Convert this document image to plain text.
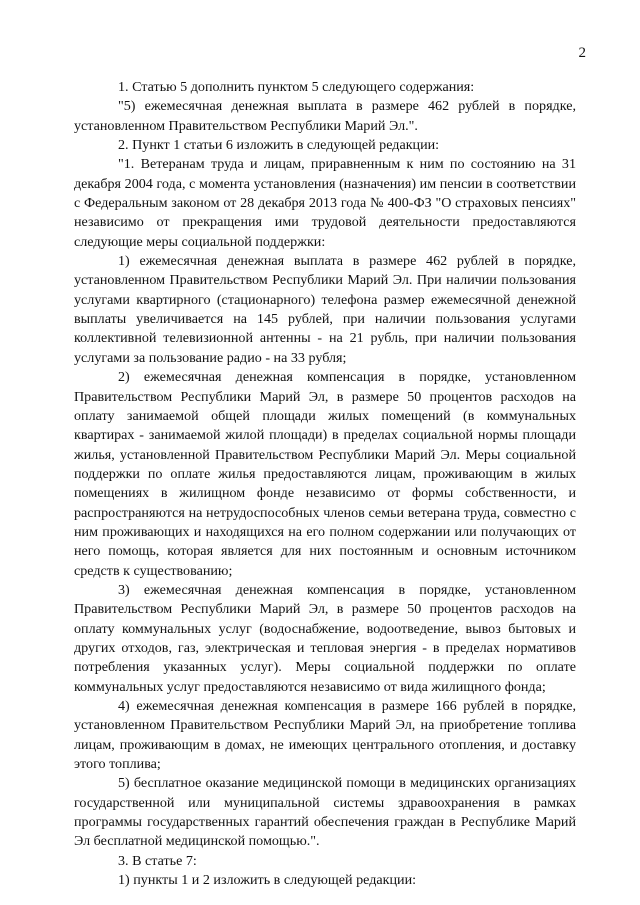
2

1. Статью 5 дополнить пунктом 5 следующего содержания:

"5) ежемесячная денежная выплата в размере 462 рублей в порядке, установленном Правительством Республики Марий Эл.".

2. Пункт 1 статьи 6 изложить в следующей редакции:

"1. Ветеранам труда и лицам, приравненным к ним по состоянию на 31 декабря 2004 года, с момента установления (назначения) им пенсии в соответствии с Федеральным законом от 28 декабря 2013 года № 400-ФЗ "О страховых пенсиях" независимо от прекращения ими трудовой деятельности предоставляются следующие меры социальной поддержки:

1) ежемесячная денежная выплата в размере 462 рублей в порядке, установленном Правительством Республики Марий Эл. При наличии пользования услугами квартирного (стационарного) телефона размер ежемесячной денежной выплаты увеличивается на 145 рублей, при наличии пользования услугами коллективной телевизионной антенны - на 21 рубль, при наличии пользования услугами за пользование радио - на 33 рубля;

2) ежемесячная денежная компенсация в порядке, установленном Правительством Республики Марий Эл, в размере 50 процентов расходов на оплату занимаемой общей площади жилых помещений (в коммунальных квартирах - занимаемой жилой площади) в пределах социальной нормы площади жилья, установленной Правительством Республики Марий Эл. Меры социальной поддержки по оплате жилья предоставляются лицам, проживающим в жилых помещениях в жилищном фонде независимо от формы собственности, и распространяются на нетрудоспособных членов семьи ветерана труда, совместно с ним проживающих и находящихся на его полном содержании или получающих от него помощь, которая является для них постоянным и основным источником средств к существованию;

3) ежемесячная денежная компенсация в порядке, установленном Правительством Республики Марий Эл, в размере 50 процентов расходов на оплату коммунальных услуг (водоснабжение, водоотведение, вывоз бытовых и других отходов, газ, электрическая и тепловая энергия - в пределах нормативов потребления указанных услуг). Меры социальной поддержки по оплате коммунальных услуг предоставляются независимо от вида жилищного фонда;

4) ежемесячная денежная компенсация в размере 166 рублей в порядке, установленном Правительством Республики Марий Эл, на приобретение топлива лицам, проживающим в домах, не имеющих центрального отопления, и доставку этого топлива;

5) бесплатное оказание медицинской помощи в медицинских организациях государственной или муниципальной системы здравоохранения в рамках программы государственных гарантий обеспечения граждан в Республике Марий Эл бесплатной медицинской помощью.".

3. В статье 7:

1) пункты 1 и 2 изложить в следующей редакции:
